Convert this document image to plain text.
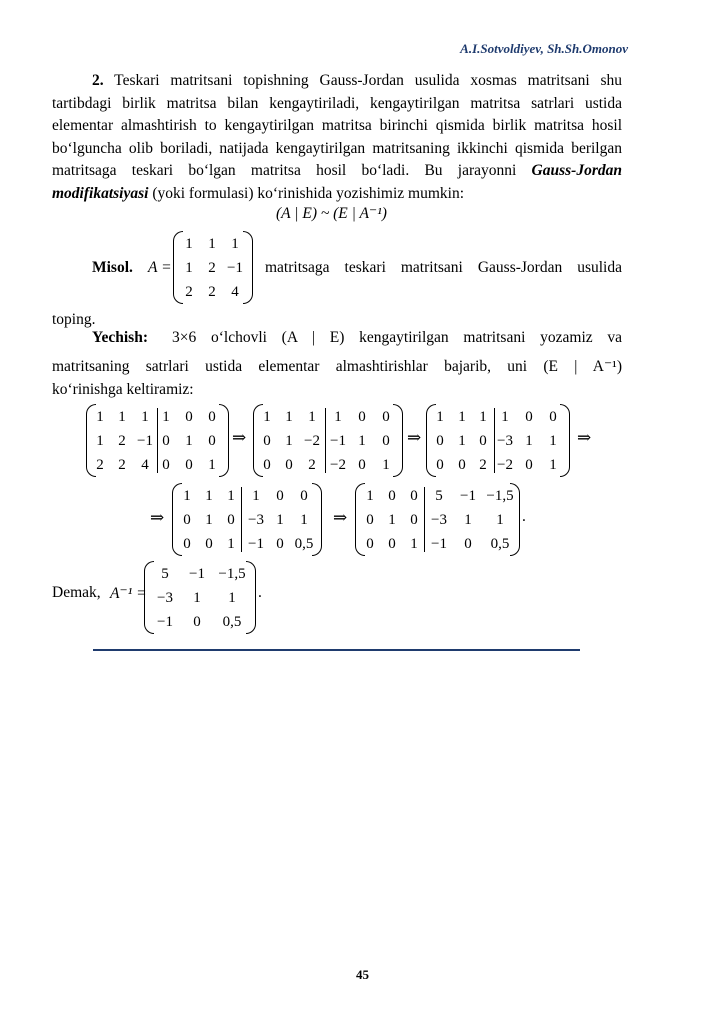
A.I.Sotvoldiyev, Sh.Sh.Omonov
2. Teskari matritsani topishning Gauss-Jordan usulida xosmas matritsani shu tartibdagi birlik matritsa bilan kengaytiriladi, kengaytirilgan matritsa satrlari ustida elementar almashtirish to kengaytirilgan matritsa birinchi qismida birlik matritsa hosil bo‘lguncha olib boriladi, natijada kengaytirilgan matritsaning ikkinchi qismida berilgan matritsaga teskari bo‘lgan matritsa hosil bo‘ladi. Bu jarayonni Gauss-Jordan modifikatsiyasi (yoki formulasi) ko‘rinishida yozishimiz mumkin:
(A | E) ~ (E | A⁻¹)
Misol. A =
1	1	1
1	2 −1
2	2	4
matritsaga teskari matritsani Gauss-Jordan usulida
toping.
Yechish: 3×6 o‘lchovli (A | E) kengaytirilgan matritsani yozamiz va
matritsaning satrlari ustida elementar almashtirishlar bajarib, uni (E | A⁻¹)
ko‘rinishga keltiramiz:
1 1	1 1	0	0
1 2 −1 0	1	0
2 2	4 0	0	1
⇒
1 1	1	1	0	0
0 1 −2 −1 1	0
0 0	2 −2 0	1
⇒
1 1 1 1	0	0
0 1 0 −3 1	1
0 0 2 −2 0	1
⇒
⇒
1 1 1	1	0	0
0 1 0 −3 1	1
0 0 1 −1 0 0,5
⇒
1 0 0	5	−1 −1,5
0 1 0 −3	1	1
0 0 1 −1	0	0,5
.
Demak, A⁻¹ =
5	−1 −1,5
−3	1	1
−1	0	0,5
.
45
